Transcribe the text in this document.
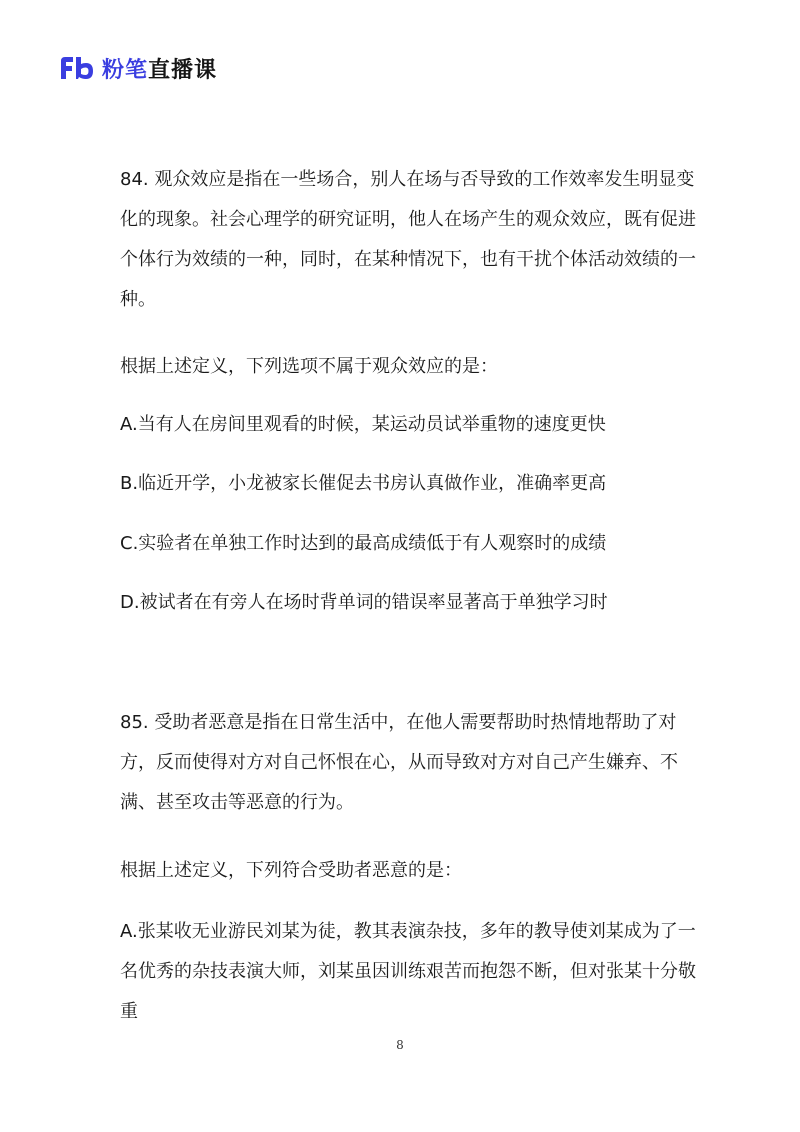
粉笔直播课

84. 观众效应是指在一些场合，别人在场与否导致的工作效率发生明显变化的现象。社会心理学的研究证明，他人在场产生的观众效应，既有促进个体行为效绩的一种，同时，在某种情况下，也有干扰个体活动效绩的一种。

根据上述定义，下列选项不属于观众效应的是：

A.当有人在房间里观看的时候，某运动员试举重物的速度更快

B.临近开学，小龙被家长催促去书房认真做作业，准确率更高

C.实验者在单独工作时达到的最高成绩低于有人观察时的成绩

D.被试者在有旁人在场时背单词的错误率显著高于单独学习时

85. 受助者恶意是指在日常生活中，在他人需要帮助时热情地帮助了对方，反而使得对方对自己怀恨在心，从而导致对方对自己产生嫌弃、不满、甚至攻击等恶意的行为。

根据上述定义，下列符合受助者恶意的是：

A.张某收无业游民刘某为徒，教其表演杂技，多年的教导使刘某成为了一名优秀的杂技表演大师，刘某虽因训练艰苦而抱怨不断，但对张某十分敬重

8
